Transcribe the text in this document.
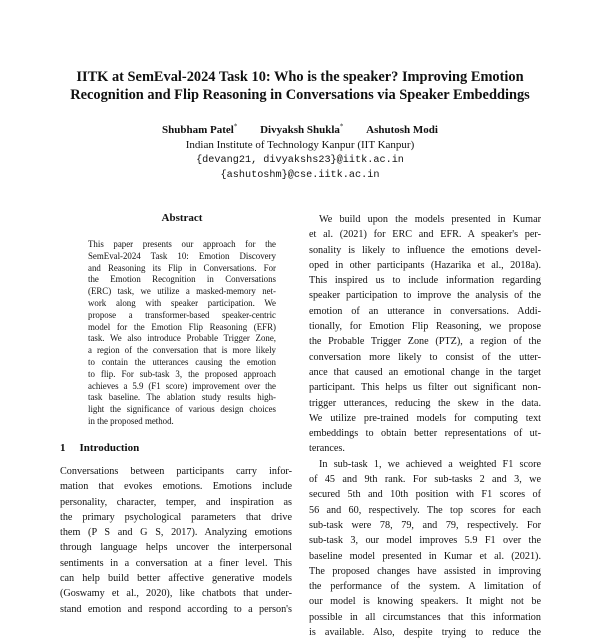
IITK at SemEval-2024 Task 10: Who is the speaker? Improving Emotion
Recognition and Flip Reasoning in Conversations via Speaker Embeddings
Shubham Patel* Divyaksh Shukla* Ashutosh Modi
Indian Institute of Technology Kanpur (IIT Kanpur)
{devang21, divyakshs23}@iitk.ac.in
{ashutoshm}@cse.iitk.ac.in
Abstract
This paper presents our approach for the
SemEval-2024 Task 10: Emotion Discovery
and Reasoning its Flip in Conversations. For
the Emotion Recognition in Conversations
(ERC) task, we utilize a masked-memory net-
work along with speaker participation. We
propose a transformer-based speaker-centric
model for the Emotion Flip Reasoning (EFR)
task. We also introduce Probable Trigger Zone,
a region of the conversation that is more likely
to contain the utterances causing the emotion
to flip. For sub-task 3, the proposed approach
achieves a 5.9 (F1 score) improvement over the
task baseline. The ablation study results high-
light the significance of various design choices
in the proposed method.
1 Introduction
Conversations between participants carry infor-
mation that evokes emotions. Emotions include
personality, character, temper, and inspiration as
the primary psychological parameters that drive
them (P S and G S, 2017). Analyzing emotions
through language helps uncover the interpersonal
sentiments in a conversation at a finer level. This
can help build better affective generative models
(Goswamy et al., 2020), like chatbots that under-
stand emotion and respond according to a person's
We build upon the models presented in Kumar
et al. (2021) for ERC and EFR. A speaker's per-
sonality is likely to influence the emotions devel-
oped in other participants (Hazarika et al., 2018a).
This inspired us to include information regarding
speaker participation to improve the analysis of the
emotion of an utterance in conversations. Addi-
tionally, for Emotion Flip Reasoning, we propose
the Probable Trigger Zone (PTZ), a region of the
conversation more likely to consist of the utter-
ance that caused an emotional change in the target
participant. This helps us filter out significant non-
trigger utterances, reducing the skew in the data.
We utilize pre-trained models for computing text
embeddings to obtain better representations of ut-
terances.
In sub-task 1, we achieved a weighted F1 score
of 45 and 9th rank. For sub-tasks 2 and 3, we
secured 5th and 10th position with F1 scores of
56 and 60, respectively. The top scores for each
sub-task were 78, 79, and 79, respectively. For
sub-task 3, our model improves 5.9 F1 over the
baseline model presented in Kumar et al. (2021).
The proposed changes have assisted in improving
the performance of the system. A limitation of
our model is knowing speakers. It might not be
possible in all circumstances that this information
is available. Also, despite trying to reduce the
